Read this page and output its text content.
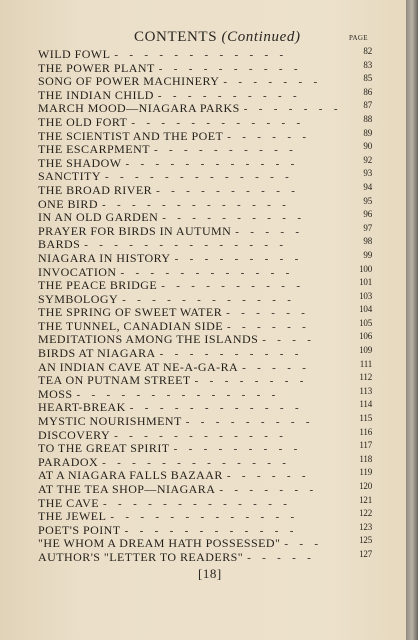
CONTENTS (Continued)	PAGE
WILD FOWL - - - - - - - - - - - -	82
THE POWER PLANT - - - - - - - - - -	83
SONG OF POWER MACHINERY - - - - - - -	85
THE INDIAN CHILD - - - - - - - - - -	86
MARCH MOOD—NIAGARA PARKS - - - - - - -	87
THE OLD FORT - - - - - - - - - - - -	88
THE SCIENTIST AND THE POET - - - - - -	89
THE ESCARPMENT - - - - - - - - - -	90
THE SHADOW - - - - - - - - - - - -	92
SANCTITY - - - - - - - - - - - - -	93
THE BROAD RIVER - - - - - - - - - -	94
ONE BIRD - - - - - - - - - - - - -	95
IN AN OLD GARDEN - - - - - - - - - -	96
PRAYER FOR BIRDS IN AUTUMN - - - - -	97
BARDS - - - - - - - - - - - - - -	98
NIAGARA IN HISTORY - - - - - - - - -	99
INVOCATION - - - - - - - - - - - -	100
THE PEACE BRIDGE - - - - - - - - - -	101
SYMBOLOGY - - - - - - - - - - - -	103
THE SPRING OF SWEET WATER - - - - - -	104
THE TUNNEL, CANADIAN SIDE - - - - - -	105
MEDITATIONS AMONG THE ISLANDS - - - -	106
BIRDS AT NIAGARA - - - - - - - - - -	109
AN INDIAN CAVE AT NE-A-GA-RA - - - - -	111
TEA ON PUTNAM STREET - - - - - - - -	112
MOSS - - - - - - - - - - - - - -	113
HEART-BREAK - - - - - - - - - - - -	114
MYSTIC NOURISHMENT - - - - - - - - -	115
DISCOVERY - - - - - - - - - - - -	116
TO THE GREAT SPIRIT - - - - - - - - -	117
PARADOX - - - - - - - - - - - - -	118
AT A NIAGARA FALLS BAZAAR - - - - - -	119
AT THE TEA SHOP—NIAGARA - - - - - - -	120
THE CAVE - - - - - - - - - - - - -	121
THE JEWEL - - - - - - - - - - - - -	122
POET'S POINT - - - - - - - - - - - -	123
"HE WHOM A DREAM HATH POSSESSED" - - -	125
AUTHOR'S "LETTER TO READERS" - - - - -	127
[18]
